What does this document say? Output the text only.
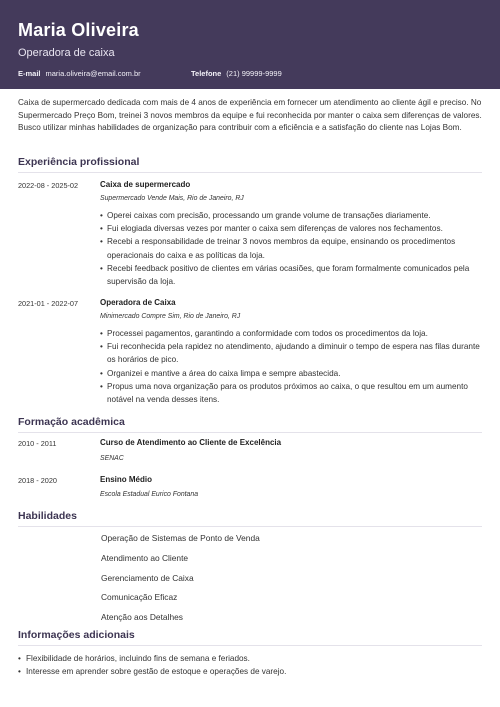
Maria Oliveira
Operadora de caixa
E-mail maria.oliveira@email.com.br	Telefone (21) 99999-9999

Caixa de supermercado dedicada com mais de 4 anos de experiência em fornecer um atendimento ao cliente ágil e preciso. No Supermercado Preço Bom, treinei 3 novos membros da equipe e fui reconhecida por manter o caixa sem diferenças de valores. Busco utilizar minhas habilidades de organização para contribuir com a eficiência e a satisfação do cliente nas Lojas Bom.

Experiência profissional
2022-08 - 2025-02	Caixa de supermercado
Supermercado Vende Mais, Rio de Janeiro, RJ
• Operei caixas com precisão, processando um grande volume de transações diariamente.
• Fui elogiada diversas vezes por manter o caixa sem diferenças de valores nos fechamentos.
• Recebi a responsabilidade de treinar 3 novos membros da equipe, ensinando os procedimentos operacionais do caixa e as políticas da loja.
• Recebi feedback positivo de clientes em várias ocasiões, que foram formalmente comunicados pela supervisão da loja.
2021-01 - 2022-07	Operadora de Caixa
Minimercado Compre Sim, Rio de Janeiro, RJ
• Processei pagamentos, garantindo a conformidade com todos os procedimentos da loja.
• Fui reconhecida pela rapidez no atendimento, ajudando a diminuir o tempo de espera nas filas durante os horários de pico.
• Organizei e mantive a área do caixa limpa e sempre abastecida.
• Propus uma nova organização para os produtos próximos ao caixa, o que resultou em um aumento notável na venda desses itens.
Formação acadêmica
2010 - 2011	Curso de Atendimento ao Cliente de Excelência
SENAC
2018 - 2020	Ensino Médio
Escola Estadual Eurico Fontana
Habilidades
Operação de Sistemas de Ponto de Venda
Atendimento ao Cliente
Gerenciamento de Caixa
Comunicação Eficaz
Atenção aos Detalhes
Informações adicionais
• Flexibilidade de horários, incluindo fins de semana e feriados.
• Interesse em aprender sobre gestão de estoque e operações de varejo.
